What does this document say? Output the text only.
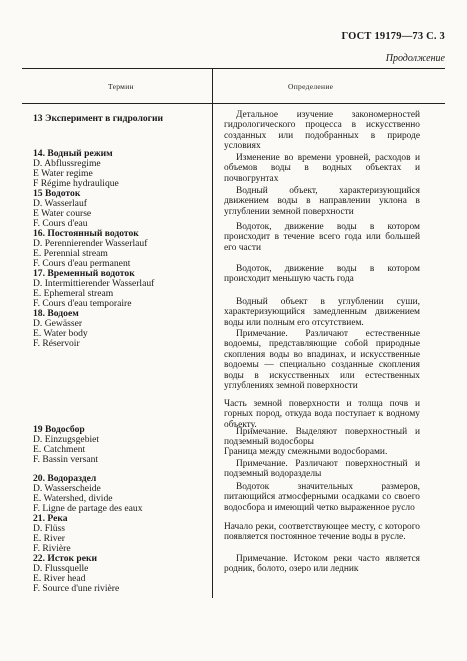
ГОСТ 19179—73 С. 3
Продолжение
Термин	Определение
13 Эксперимент в гидрологии
14. Водный режим
D. Abflussregime
E Water regime
F Régime hydraulique
15 Водоток
D. Wasserlauf
E Water course
F. Cours d'eau
16. Постоянный водоток
D. Perennierender Wasserlauf
E. Perennial stream
F. Cours d'eau permanent
17. Временный водоток
D. Intermittierender Wasserlauf
E. Ephemeral stream
F. Cours d'eau temporaire
18. Водоем
D. Gewässer
E. Water body
F. Réservoir
19 Водосбор
D. Einzugsgebiet
E. Catchment
F. Bassin versant
20. Водораздел
D. Wasserscheide
E. Watershed, divide
F. Ligne de partage des eaux
21. Река
D. Flüss
E. River
F. Rivière
22. Исток реки
D. Flussquelle
E. River head
F. Source d'une rivière
Детальное изучение закономерностей гидрологического процесса в искусственно созданных или подобранных в природе условиях
Изменение во времени уровней, расходов и объемов воды в водных объектах и почвогрунтах
Водный объект, характеризующийся движением воды в направлении уклона в углублении земной поверхности
Водоток, движение воды в котором происходит в течение всего года или большей его части
Водоток, движение воды в котором происходит меньшую часть года
Водный объект в углублении суши, характеризующийся замедленным движением воды или полным его отсутствием.
Примечание. Различают естественные водоемы, представляющие собой природные скопления воды во впадинах, и искусственные водоемы — специально созданные скопления воды в искусственных или естественных углублениях земной поверхности
Часть земной поверхности и толща почв и горных пород, откуда вода поступает к водному объекту.
Примечание. Выделяют поверхностный и подземный водосборы
Граница между смежными водосборами.
Примечание. Различают поверхностный и подземный водоразделы
Водоток значительных размеров, питающийся атмосферными осадками со своего водосбора и имеющий четко выраженное русло
Начало реки, соответствующее месту, с которого появляется постоянное течение воды в русле.
Примечание. Истоком реки часто является родник, болото, озеро или ледник
